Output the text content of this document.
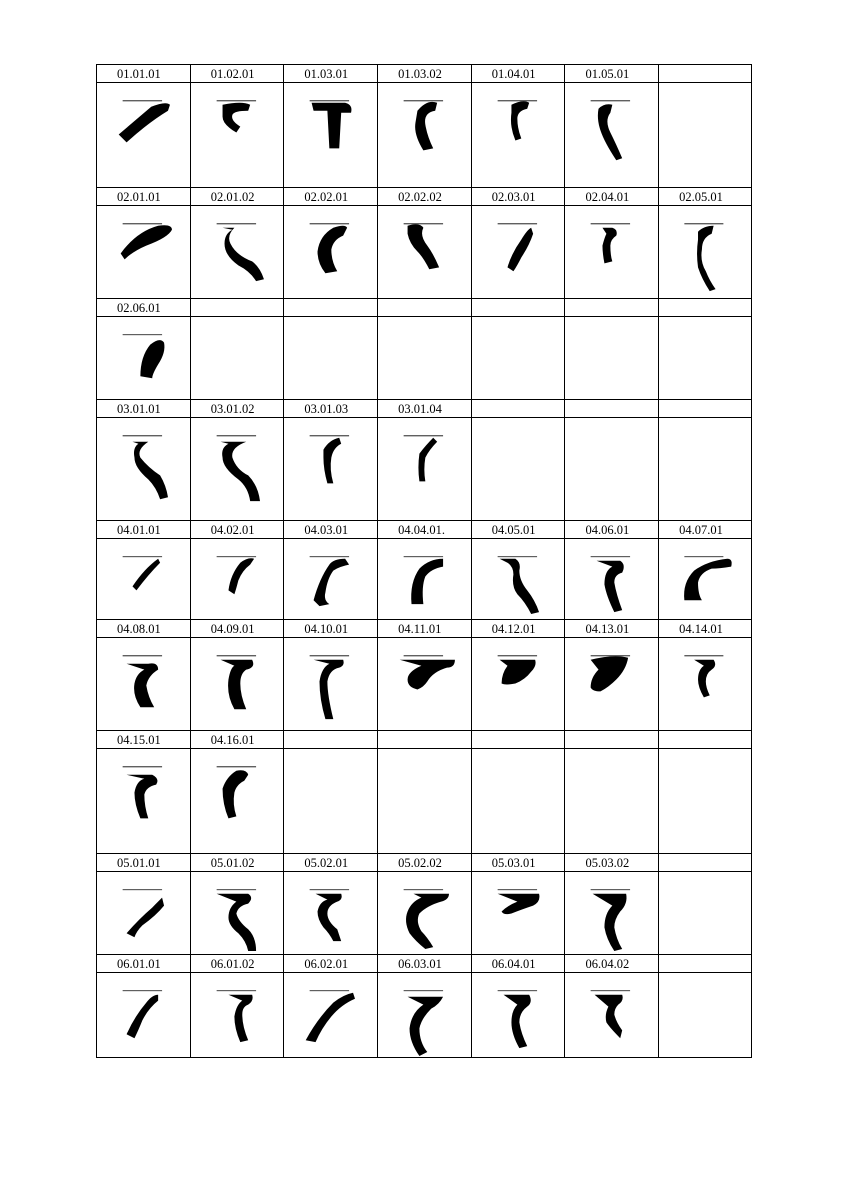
01.01.01	01.02.01	01.03.01	01.03.02	01.04.01	01.05.01
02.01.01	02.01.02	02.02.01	02.02.02	02.03.01	02.04.01	02.05.01
02.06.01
03.01.01	03.01.02	03.01.03	03.01.04
04.01.01	04.02.01	04.03.01	04.04.01.	04.05.01	04.06.01	04.07.01
04.08.01	04.09.01	04.10.01	04.11.01	04.12.01	04.13.01	04.14.01
04.15.01	04.16.01
05.01.01	05.01.02	05.02.01	05.02.02	05.03.01	05.03.02
06.01.01	06.01.02	06.02.01	06.03.01	06.04.01	06.04.02
